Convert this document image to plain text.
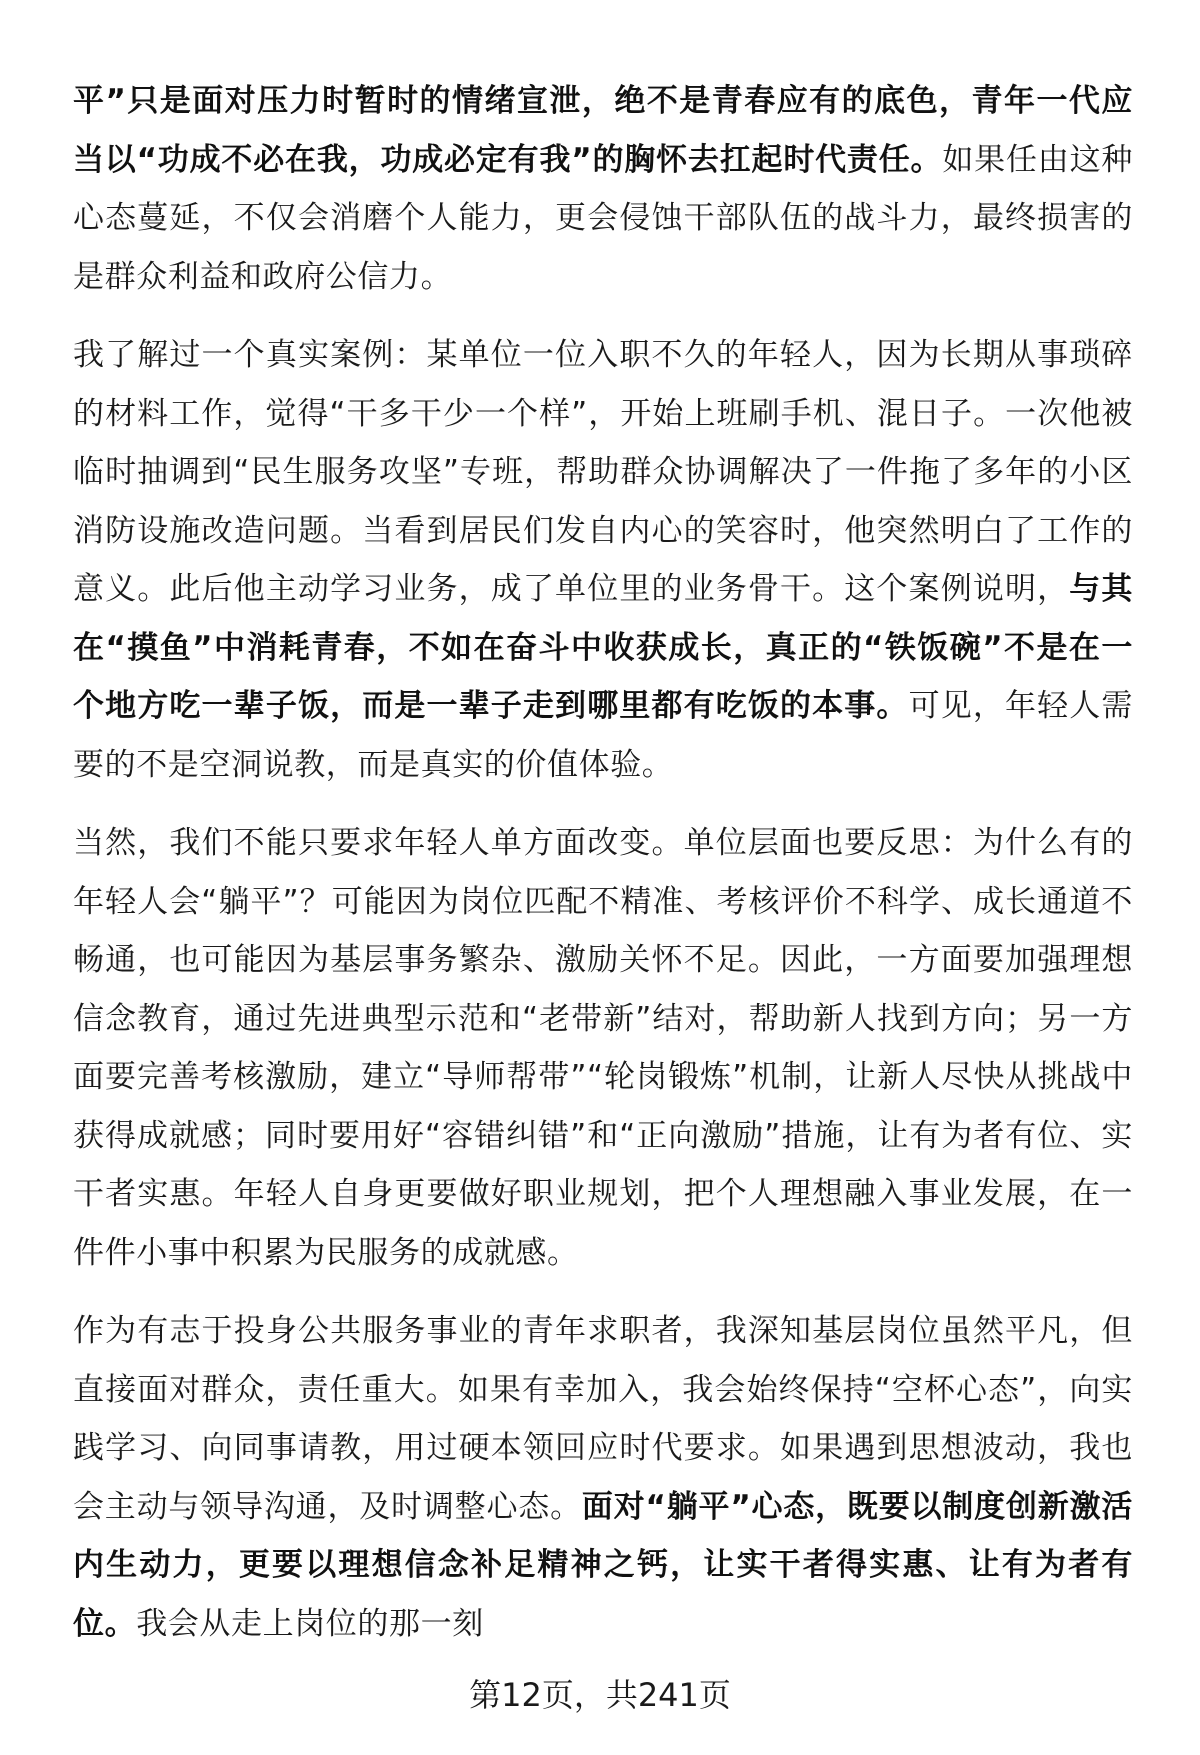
平”只是面对压力时暂时的情绪宣泄，绝不是青春应有的底色，青年一代应当以“功成不必在我，功成必定有我”的胸怀去扛起时代责任。如果任由这种心态蔓延，不仅会消磨个人能力，更会侵蚀干部队伍的战斗力，最终损害的是群众利益和政府公信力。

我了解过一个真实案例：某单位一位入职不久的年轻人，因为长期从事琐碎的材料工作，觉得“干多干少一个样”，开始上班刷手机、混日子。一次他被临时抽调到“民生服务攻坚”专班，帮助群众协调解决了一件拖了多年的小区消防设施改造问题。当看到居民们发自内心的笑容时，他突然明白了工作的意义。此后他主动学习业务，成了单位里的业务骨干。这个案例说明，与其在“摸鱼”中消耗青春，不如在奋斗中收获成长，真正的“铁饭碗”不是在一个地方吃一辈子饭，而是一辈子走到哪里都有吃饭的本事。可见，年轻人需要的不是空洞说教，而是真实的价值体验。

当然，我们不能只要求年轻人单方面改变。单位层面也要反思：为什么有的年轻人会“躺平”？可能因为岗位匹配不精准、考核评价不科学、成长通道不畅通，也可能因为基层事务繁杂、激励关怀不足。因此，一方面要加强理想信念教育，通过先进典型示范和“老带新”结对，帮助新人找到方向；另一方面要完善考核激励，建立“导师帮带”“轮岗锻炼”机制，让新人尽快从挑战中获得成就感；同时要用好“容错纠错”和“正向激励”措施，让有为者有位、实干者实惠。年轻人自身更要做好职业规划，把个人理想融入事业发展，在一件件小事中积累为民服务的成就感。

作为有志于投身公共服务事业的青年求职者，我深知基层岗位虽然平凡，但直接面对群众，责任重大。如果有幸加入，我会始终保持“空杯心态”，向实践学习、向同事请教，用过硬本领回应时代要求。如果遇到思想波动，我也会主动与领导沟通，及时调整心态。面对“躺平”心态，既要以制度创新激活内生动力，更要以理想信念补足精神之钙，让实干者得实惠、让有为者有位。我会从走上岗位的那一刻

第12页，共241页
